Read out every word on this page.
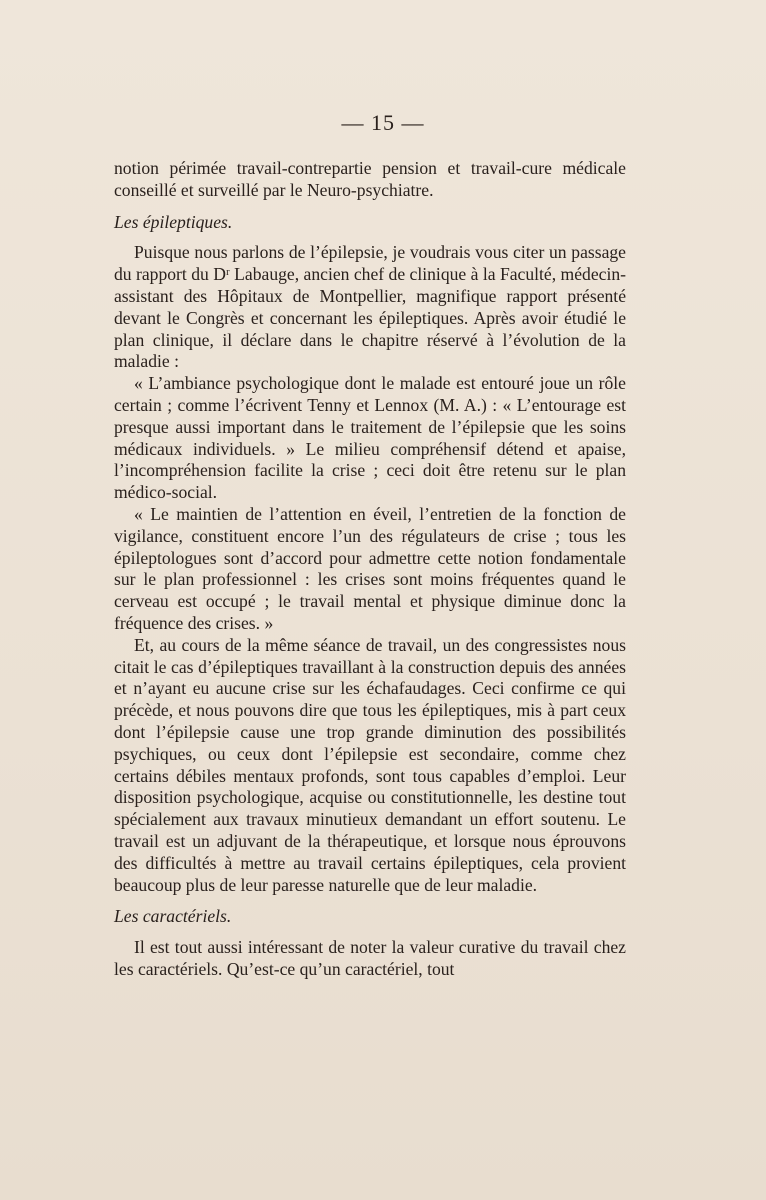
— 15 —

notion périmée travail-contrepartie pension et travail-cure médicale conseillé et surveillé par le Neuro-psychiatre.

Les épileptiques.

Puisque nous parlons de l’épilepsie, je voudrais vous citer un passage du rapport du Dʳ Labauge, ancien chef de clinique à la Faculté, médecin-assistant des Hôpitaux de Montpellier, magnifique rapport présenté devant le Congrès et concernant les épileptiques. Après avoir étudié le plan clinique, il déclare dans le chapitre réservé à l’évolution de la maladie :

« L’ambiance psychologique dont le malade est entouré joue un rôle certain ; comme l’écrivent Tenny et Lennox (M. A.) : « L’entourage est presque aussi important dans le traitement de l’épilepsie que les soins médicaux individuels. » Le milieu compréhensif détend et apaise, l’incompréhension facilite la crise ; ceci doit être retenu sur le plan médico-social.

« Le maintien de l’attention en éveil, l’entretien de la fonction de vigilance, constituent encore l’un des régulateurs de crise ; tous les épileptologues sont d’accord pour admettre cette notion fondamentale sur le plan professionnel : les crises sont moins fréquentes quand le cerveau est occupé ; le travail mental et physique diminue donc la fréquence des crises. »

Et, au cours de la même séance de travail, un des congressistes nous citait le cas d’épileptiques travaillant à la construction depuis des années et n’ayant eu aucune crise sur les échafaudages. Ceci confirme ce qui précède, et nous pouvons dire que tous les épileptiques, mis à part ceux dont l’épilepsie cause une trop grande diminution des possibilités psychiques, ou ceux dont l’épilepsie est secondaire, comme chez certains débiles mentaux profonds, sont tous capables d’emploi. Leur disposition psychologique, acquise ou constitutionnelle, les destine tout spécialement aux travaux minutieux demandant un effort soutenu. Le travail est un adjuvant de la thérapeutique, et lorsque nous éprouvons des difficultés à mettre au travail certains épileptiques, cela provient beaucoup plus de leur paresse naturelle que de leur maladie.

Les caractériels.

Il est tout aussi intéressant de noter la valeur curative du travail chez les caractériels. Qu’est-ce qu’un caractériel, tout
